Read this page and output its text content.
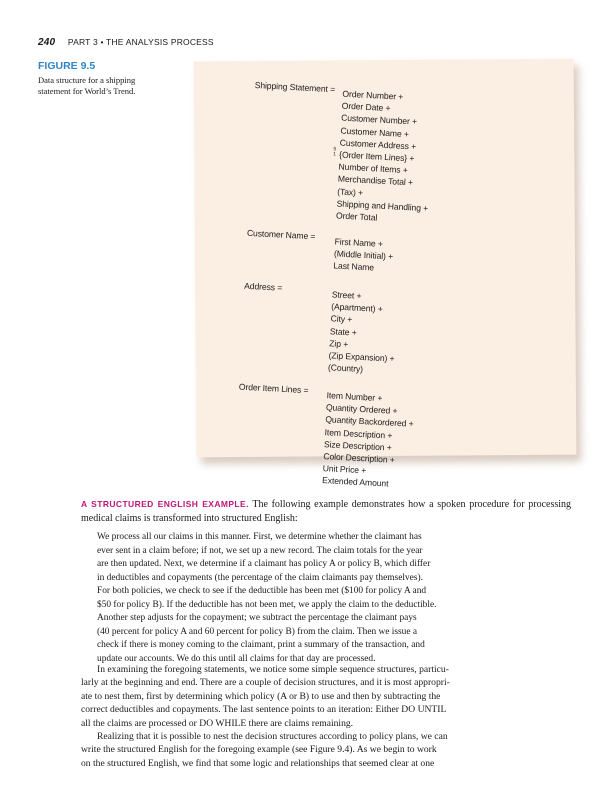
240 PART 3 • THE ANALYSIS PROCESS
FIGURE 9.5
Data structure for a shipping statement for World’s Trend.	Shipping Statement =
Order Number +
Order Date +
Customer Number +
Customer Name +
Customer Address +
{Order Item Lines} +
Number of Items +
Merchandise Total +
(Tax) +
Shipping and Handling +
Order Total
5
1
Customer Name =
First Name +
(Middle Initial) +
Last Name
Address =
Street +
(Apartment) +
City +
State +
Zip +
(Zip Expansion) +
(Country)
Order Item Lines =
Item Number +
Quantity Ordered +
Quantity Backordered +
Item Description +
Size Description +
Color Description +
Unit Price +
Extended Amount
A STRUCTURED ENGLISH EXAMPLE. The following example demonstrates how a spoken procedure for processing medical claims is transformed into structured English:
We process all our claims in this manner. First, we determine whether the claimant has
ever sent in a claim before; if not, we set up a new record. The claim totals for the year
are then updated. Next, we determine if a claimant has policy A or policy B, which differ
in deductibles and copayments (the percentage of the claim claimants pay themselves).
For both policies, we check to see if the deductible has been met ($100 for policy A and
$50 for policy B). If the deductible has not been met, we apply the claim to the deductible.
Another step adjusts for the copayment; we subtract the percentage the claimant pays
(40 percent for policy A and 60 percent for policy B) from the claim. Then we issue a
check if there is money coming to the claimant, print a summary of the transaction, and
update our accounts. We do this until all claims for that day are processed.
In examining the foregoing statements, we notice some simple sequence structures, particu-
larly at the beginning and end. There are a couple of decision structures, and it is most appropri-
ate to nest them, first by determining which policy (A or B) to use and then by subtracting the
correct deductibles and copayments. The last sentence points to an iteration: Either DO UNTIL
all the claims are processed or DO WHILE there are claims remaining.
Realizing that it is possible to nest the decision structures according to policy plans, we can
write the structured English for the foregoing example (see Figure 9.4). As we begin to work
on the structured English, we find that some logic and relationships that seemed clear at one
